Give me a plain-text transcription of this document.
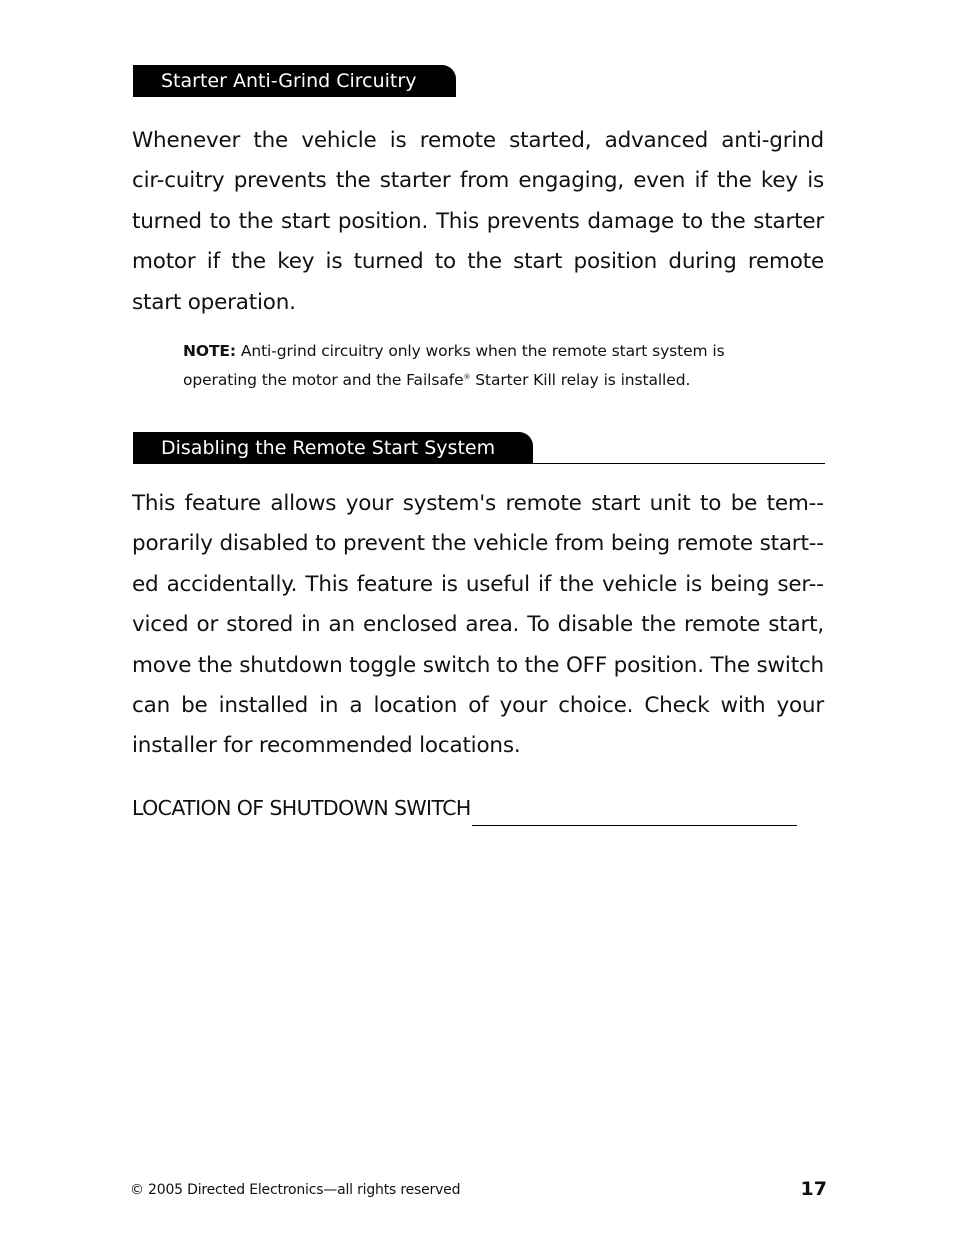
Starter Anti-Grind Circuitry

Whenever the vehicle is remote started, advanced anti-grind cir-cuitry prevents the starter from engaging, even if the key is turned to the start position. This prevents damage to the starter motor if the key is turned to the start position during remote start operation.

NOTE: Anti-grind circuitry only works when the remote start system is operating the motor and the Failsafe® Starter Kill relay is installed.

Disabling the Remote Start System

This feature allows your system's remote start unit to be tem-porarily disabled to prevent the vehicle from being remote start-ed accidentally. This feature is useful if the vehicle is being ser-viced or stored in an enclosed area. To disable the remote start, move the shutdown toggle switch to the OFF position. The switch can be installed in a location of your choice. Check with your installer for recommended locations.

LOCATION OF SHUTDOWN SWITCH
© 2005 Directed Electronics—all rights reserved	17
